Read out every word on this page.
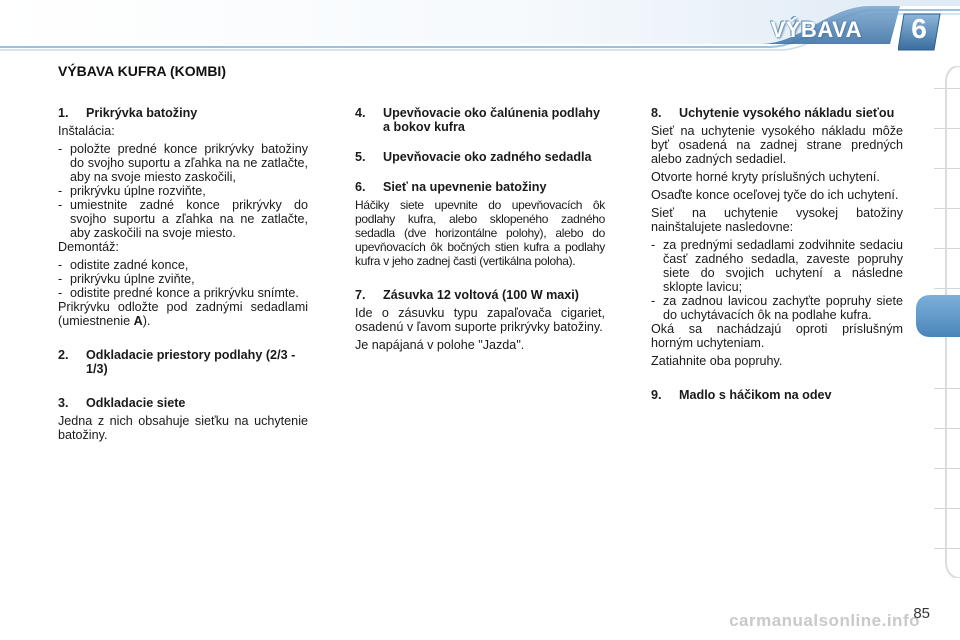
VÝBAVA 6
VÝBAVA KUFRA (KOMBI)
1.	Prikrývka batožiny

Inštalácia:

- položte predné konce prikrývky batožiny do svojho suportu a zľahka na ne zatlačte, aby na svoje miesto zaskočili,
- prikrývku úplne rozviňte,
- umiestnite zadné konce prikrývky do svojho suportu a zľahka na ne zatlačte, aby zaskočili na svoje miesto.

Demontáž:

- odistite zadné konce,
- prikrývku úplne zviňte,
- odistite predné konce a prikrývku snímte.

Prikrývku odložte pod zadnými sedadlami (umiestnenie A).

2.	Odkladacie priestory podlahy (2/3 - 1/3)
3.	Odkladacie siete

Jedna z nich obsahuje sieťku na uchytenie batožiny.

4.	Upevňovacie oko čalúnenia podlahy a bokov kufra
5.	Upevňovacie oko zadného sedadla
6.	Sieť na upevnenie batožiny

Háčiky siete upevnite do upevňovacích ôk podlahy kufra, alebo sklopeného zadného sedadla (dve horizontálne polohy), alebo do upevňovacích ôk bočných stien kufra a podlahy kufra v jeho zadnej časti (vertikálna poloha).

7.	Zásuvka 12 voltová (100 W maxi)

Ide o zásuvku typu zapaľovača cigariet, osadenú v ľavom suporte prikrývky batožiny.

Je napájaná v polohe "Jazda".

8.	Uchytenie vysokého nákladu sieťou

Sieť na uchytenie vysokého nákladu môže byť osadená na zadnej strane predných alebo zadných sedadiel.

Otvorte horné kryty príslušných uchytení.

Osaďte konce oceľovej tyče do ich uchytení.

Sieť na uchytenie vysokej batožiny nainštalujete nasledovne:

- za prednými sedadlami zodvihnite sedaciu časť zadného sedadla, zaveste popruhy siete do svojich uchytení a následne sklopte lavicu;
- za zadnou lavicou zachyťte popruhy siete do uchytávacích ôk na podlahe kufra.

Oká sa nachádzajú oproti príslušným horným uchyteniam.

Zatiahnite oba popruhy.

9.	Madlo s háčikom na odev
carmanualsonline.info
85
